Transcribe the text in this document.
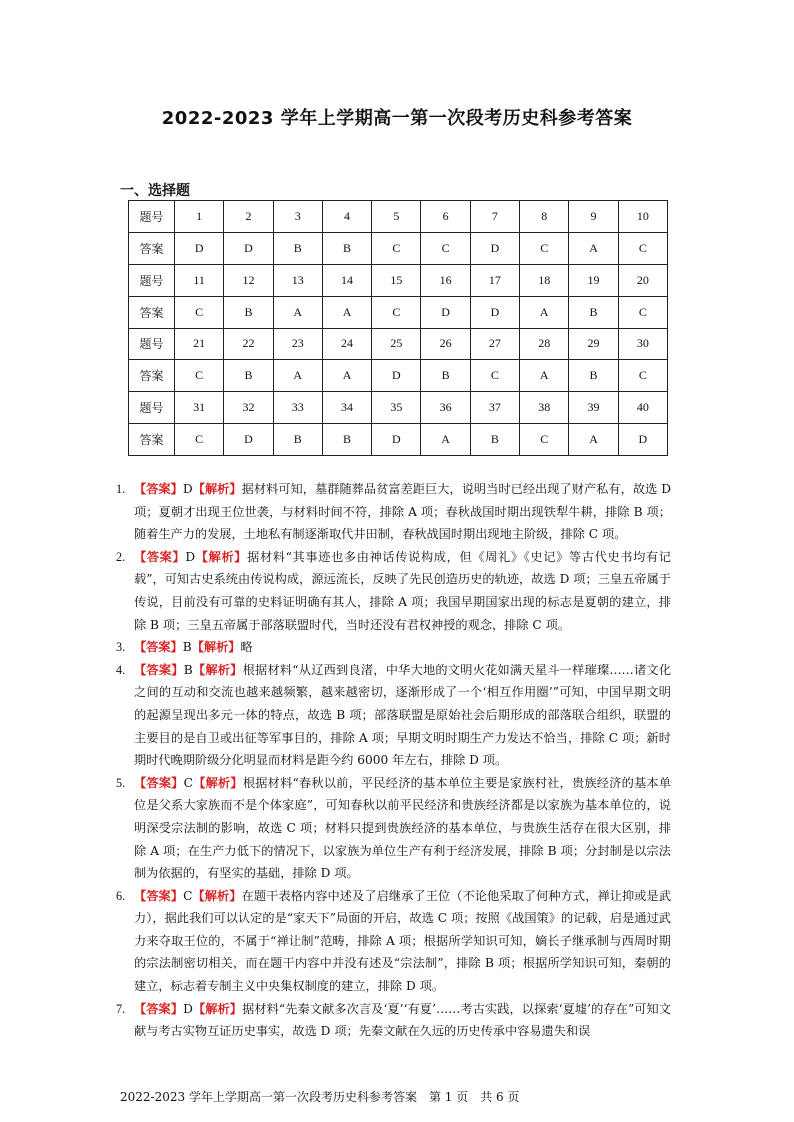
2022-2023 学年上学期高一第一次段考历史科参考答案
一、选择题
题号	1	2	3	4	5	6	7	8	9	10
答案	D	D	B	B	C	C	D	C	A	C
题号	11	12	13	14	15	16	17	18	19	20
答案	C	B	A	A	C	D	D	A	B	C
题号	21	22	23	24	25	26	27	28	29	30
答案	C	B	A	A	D	B	C	A	B	C
题号	31	32	33	34	35	36	37	38	39	40
答案	C	D	B	B	D	A	B	C	A	D

1. 【答案】D【解析】据材料可知，墓群随葬品贫富差距巨大，说明当时已经出现了财产私有，故选 D 项；夏朝才出现王位世袭，与材料时间不符，排除 A 项；春秋战国时期出现铁犁牛耕，排除 B 项；随着生产力的发展，土地私有制逐渐取代井田制，春秋战国时期出现地主阶级，排除 C 项。

2. 【答案】D【解析】据材料“其事迹也多由神话传说构成，但《周礼》《史记》等古代史书均有记载”，可知古史系统由传说构成，源远流长，反映了先民创造历史的轨迹，故选 D 项；三皇五帝属于传说，目前没有可靠的史料证明确有其人，排除 A 项；我国早期国家出现的标志是夏朝的建立，排除 B 项；三皇五帝属于部落联盟时代，当时还没有君权神授的观念，排除 C 项。

3. 【答案】B【解析】略

4. 【答案】B【解析】根据材料“从辽西到良渚，中华大地的文明火花如满天星斗一样璀璨……诸文化之间的互动和交流也越来越频繁，越来越密切，逐渐形成了一个‘相互作用圈’”可知，中国早期文明的起源呈现出多元一体的特点，故选 B 项；部落联盟是原始社会后期形成的部落联合组织，联盟的主要目的是自卫或出征等军事目的，排除 A 项；早期文明时期生产力发达不恰当，排除 C 项；新时期时代晚期阶级分化明显而材料是距今约 6000 年左右，排除 D 项。

5. 【答案】C【解析】根据材料“春秋以前，平民经济的基本单位主要是家族村社，贵族经济的基本单位是父系大家族而不是个体家庭”，可知春秋以前平民经济和贵族经济都是以家族为基本单位的，说明深受宗法制的影响，故选 C 项；材料只提到贵族经济的基本单位，与贵族生活存在很大区别，排除 A 项；在生产力低下的情况下，以家族为单位生产有利于经济发展，排除 B 项；分封制是以宗法制为依据的，有坚实的基础，排除 D 项。

6. 【答案】C【解析】在题干表格内容中述及了启继承了王位（不论他采取了何种方式，禅让抑或是武力），据此我们可以认定的是“家天下”局面的开启，故选 C 项；按照《战国策》的记载，启是通过武力来夺取王位的，不属于“禅让制”范畴，排除 A 项；根据所学知识可知，嫡长子继承制与西周时期的宗法制密切相关，而在题干内容中并没有述及“宗法制”，排除 B 项；根据所学知识可知，秦朝的建立，标志着专制主义中央集权制度的建立，排除 D 项。

7. 【答案】D【解析】据材料“先秦文献多次言及‘夏’‘有夏’……考古实践，以探索‘夏墟’的存在”可知文献与考古实物互证历史事实，故选 D 项；先秦文献在久远的历史传承中容易遗失和误

2022-2023 学年上学期高一第一次段考历史科参考答案　第 1 页　共 6 页
